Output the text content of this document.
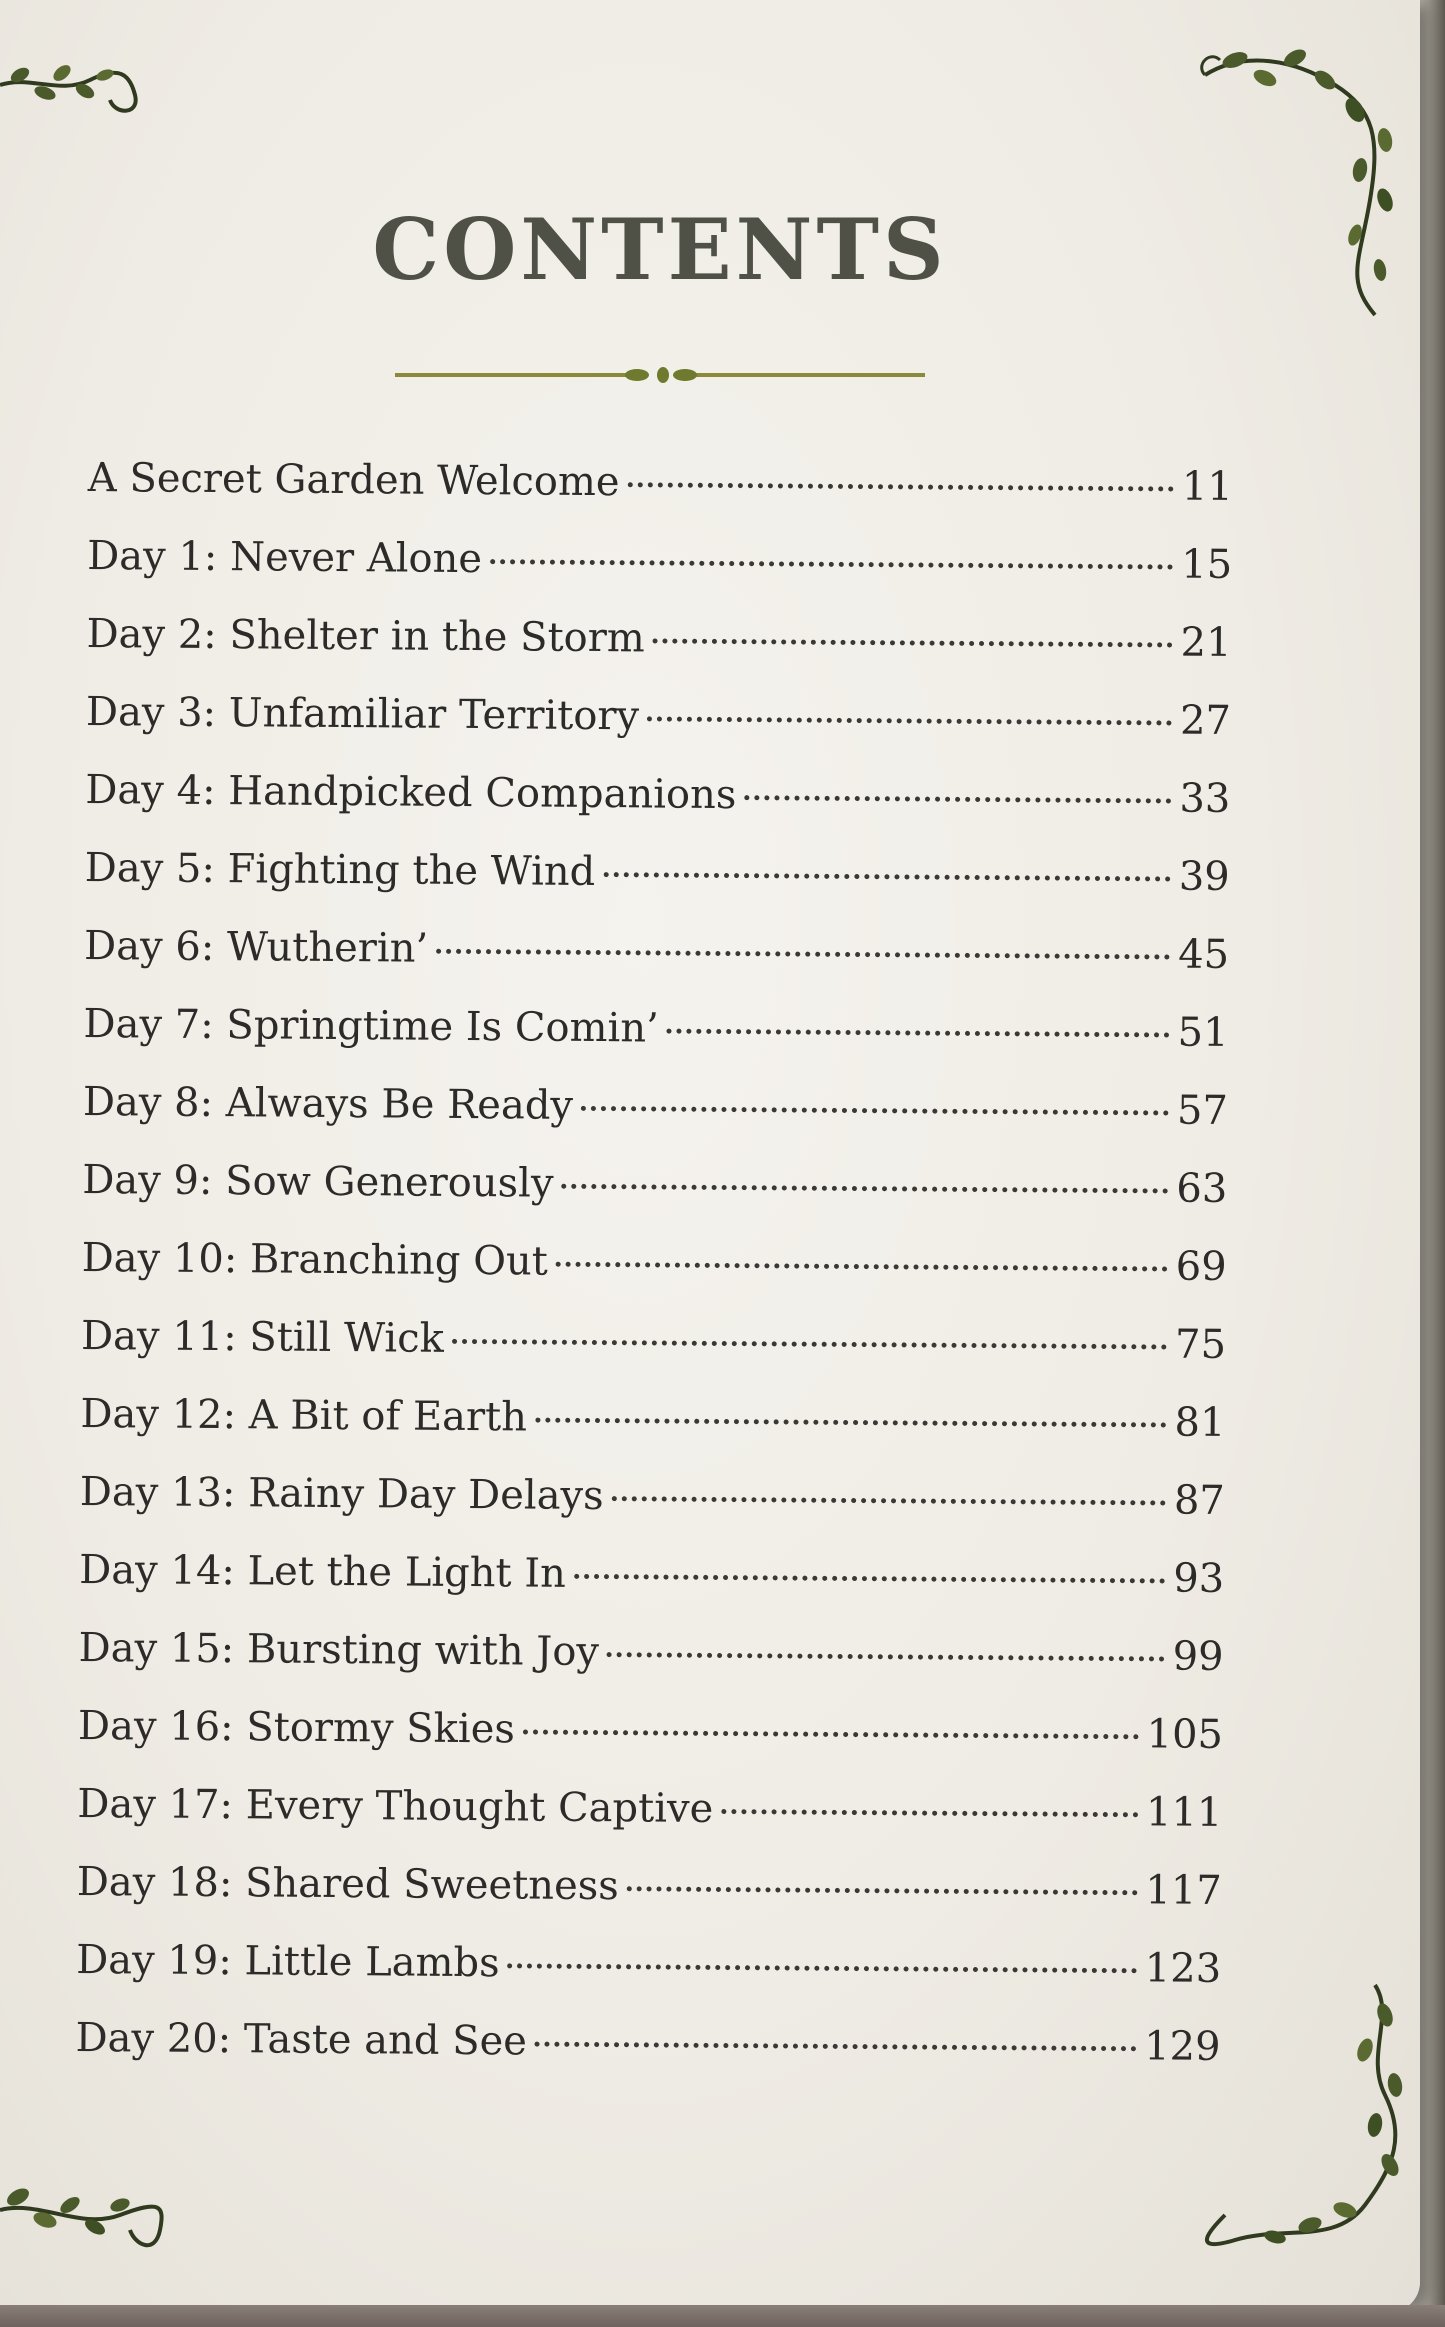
CONTENTS
A Secret Garden Welcome	11
Day 1: Never Alone	15
Day 2: Shelter in the Storm	21
Day 3: Unfamiliar Territory	27
Day 4: Handpicked Companions	33
Day 5: Fighting the Wind	39
Day 6: Wutherin’	45
Day 7: Springtime Is Comin’	51
Day 8: Always Be Ready	57
Day 9: Sow Generously	63
Day 10: Branching Out	69
Day 11: Still Wick	75
Day 12: A Bit of Earth	81
Day 13: Rainy Day Delays	87
Day 14: Let the Light In	93
Day 15: Bursting with Joy	99
Day 16: Stormy Skies	105
Day 17: Every Thought Captive	111
Day 18: Shared Sweetness	117
Day 19: Little Lambs	123
Day 20: Taste and See	129
